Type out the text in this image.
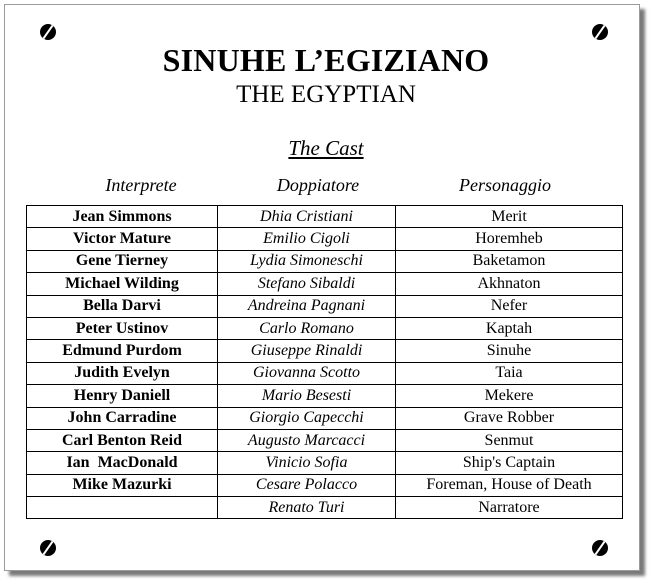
SINUHE L’EGIZIANO
THE EGYPTIAN
The Cast
Interprete	Doppiatore	Personaggio
Jean Simmons	Dhia Cristiani	Merit
Victor Mature	Emilio Cigoli	Horemheb
Gene Tierney	Lydia Simoneschi	Baketamon
Michael Wilding	Stefano Sibaldi	Akhnaton
Bella Darvi	Andreina Pagnani	Nefer
Peter Ustinov	Carlo Romano	Kaptah
Edmund Purdom	Giuseppe Rinaldi	Sinuhe
Judith Evelyn	Giovanna Scotto	Taia
Henry Daniell	Mario Besesti	Mekere
John Carradine	Giorgio Capecchi	Grave Robber
Carl Benton Reid	Augusto Marcacci	Senmut
Ian  MacDonald	Vinicio Sofia	Ship's Captain
Mike Mazurki	Cesare Polacco	Foreman, House of Death
	Renato Turi	Narratore
